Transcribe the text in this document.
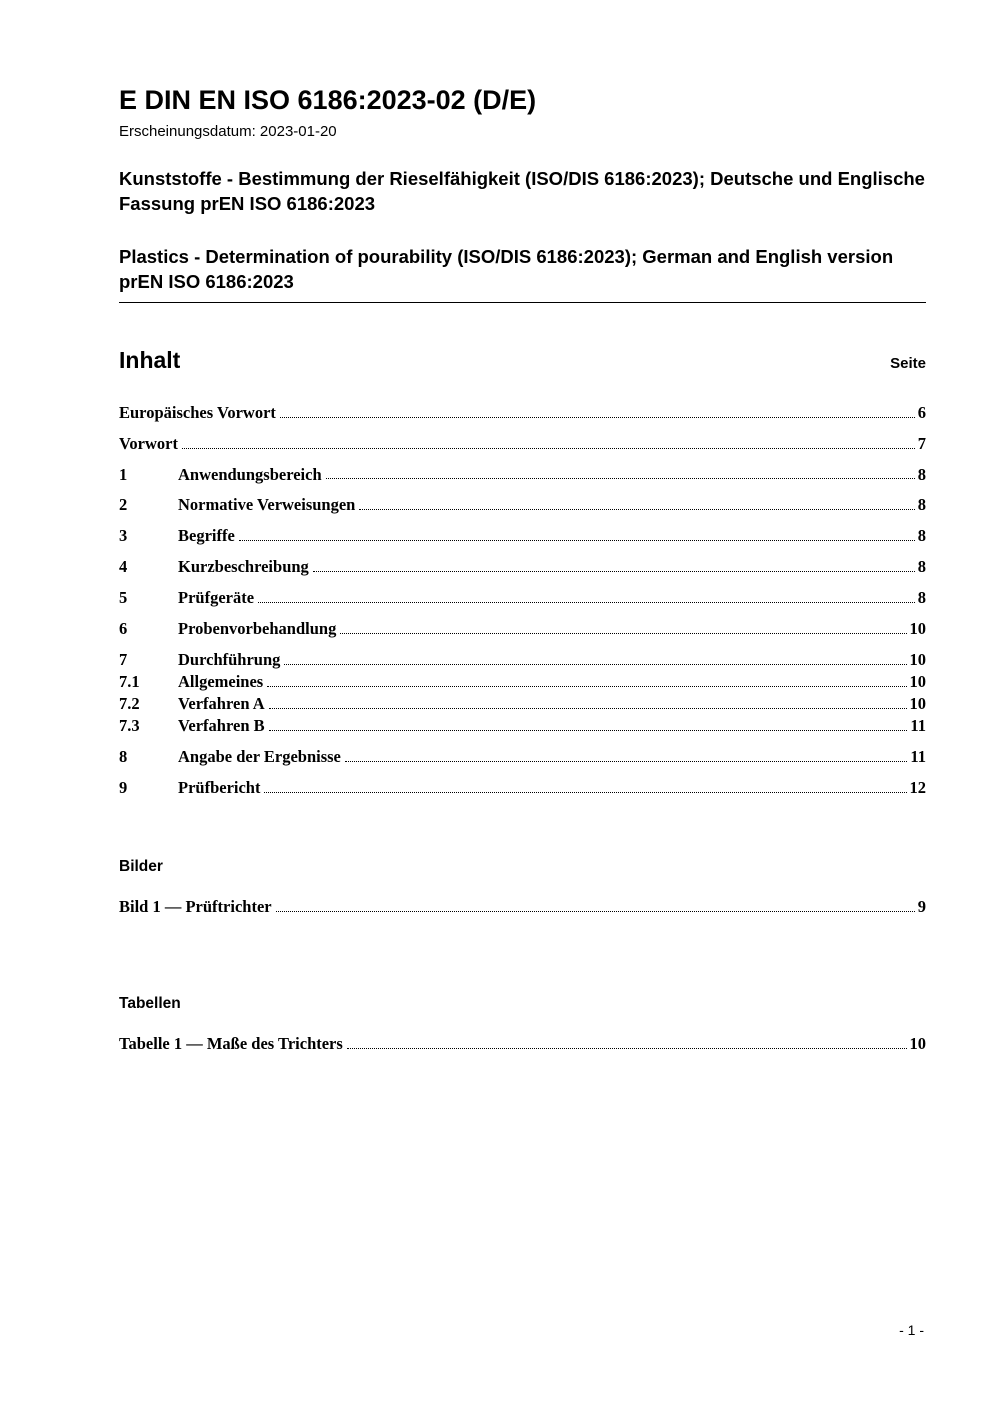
E DIN EN ISO 6186:2023-02 (D/E)

Erscheinungsdatum: 2023-01-20

Kunststoffe - Bestimmung der Rieselfähigkeit (ISO/DIS 6186:2023); Deutsche und Englische Fassung prEN ISO 6186:2023

Plastics - Determination of pourability (ISO/DIS 6186:2023); German and English version prEN ISO 6186:2023

Inhalt	Seite
Europäisches Vorwort	6
Vorwort	7
1	Anwendungsbereich	8
2	Normative Verweisungen	8
3	Begriffe	8
4	Kurzbeschreibung	8
5	Prüfgeräte	8
6	Probenvorbehandlung	10
7	Durchführung	10
7.1	Allgemeines	10
7.2	Verfahren A	10
7.3	Verfahren B	11
8	Angabe der Ergebnisse	11
9	Prüfbericht	12
Bilder
Bild 1 — Prüftrichter	9
Tabellen
Tabelle 1 — Maße des Trichters	10
- 1 -
